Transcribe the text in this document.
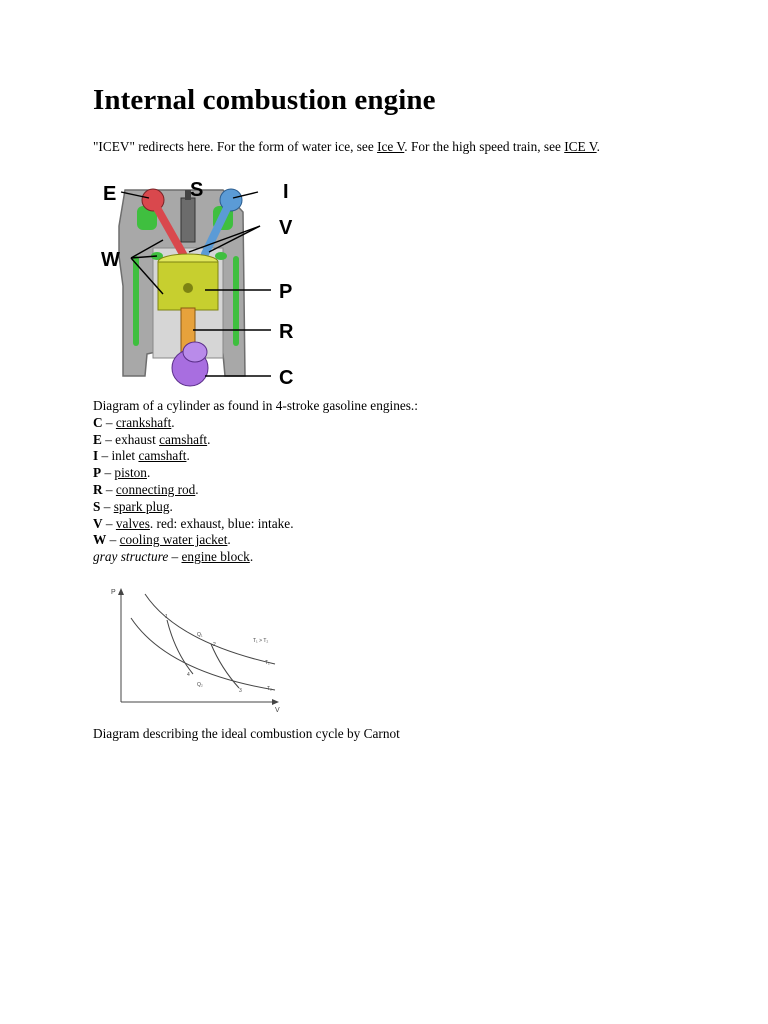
Internal combustion engine
"ICEV" redirects here. For the form of water ice, see Ice V. For the high speed train, see ICE V.
E	S	I
V
W
P
R
C
Diagram of a cylinder as found in 4-stroke gasoline engines.:
C – crankshaft.
E – exhaust camshaft.
I – inlet camshaft.
P – piston.
R – connecting rod.
S – spark plug.
V – valves. red: exhaust, blue: intake.
W – cooling water jacket.
gray structure – engine block.
P
V
T₁ > T₂
T₁
T₂
Q₁
Q₂
1
2
3
4
Diagram describing the ideal combustion cycle by Carnot
